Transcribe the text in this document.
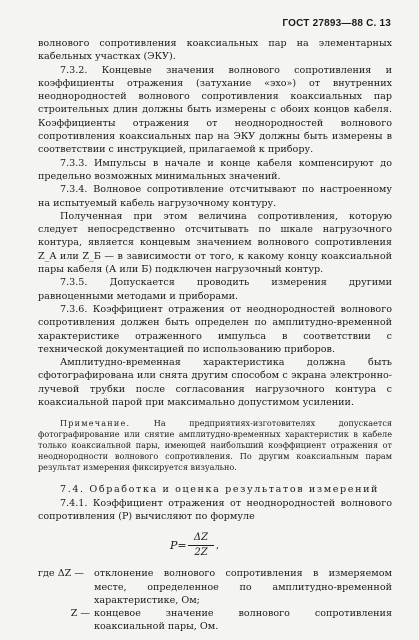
ГОСТ 27893—88 С. 13

волнового сопротивления коаксиальных пар на элементарных кабельных участках (ЭКУ).

7.3.2. Концевые значения волнового сопротивления и коэффициенты отражения (затухание «эхо») от внутренних неоднородностей волнового сопротивления коаксиальных пар строительных длин должны быть измерены с обоих концов кабеля. Коэффициенты отражения от неоднородностей волнового сопротивления коаксиальных пар на ЭКУ должны быть измерены в соответствии с инструкцией, прилагаемой к прибору.

7.3.3. Импульсы в начале и конце кабеля компенсируют до предельно возможных минимальных значений.

7.3.4. Волновое сопротивление отсчитывают по настроенному на испытуемый кабель нагрузочному контуру.

Полученная при этом величина сопротивления, которую следует непосредственно отсчитывать по шкале нагрузочного контура, является концевым значением волнового сопротивления Z_A или Z_Б — в зависимости от того, к какому концу коаксиальной пары кабеля (А или Б) подключен нагрузочный контур.

7.3.5. Допускается проводить измерения другими равноценными методами и приборами.

7.3.6. Коэффициент отражения от неоднородностей волнового сопротивления должен быть определен по амплитудно-временной характеристике отраженного импульса в соответствии с технической документацией по использованию приборов.

Амплитудно-временная характеристика должна быть сфотографирована или снята другим способом с экрана электронно-лучевой трубки после согласования нагрузочного контура с коаксиальной парой при максимально допустимом усилении.

Примечание.	На предприятиях-изготовителях допускается фотографирование или снятие амплитудно-временных характеристик в кабеле только коаксиальной пары, имеющей наибольший коэффициент отражения от неоднородности волнового сопротивления. По другим коаксиальным парам результат измерения фиксируется визуально.

7.4. Обработка и оценка результатов измерений

7.4.1. Коэффициент отражения от неоднородностей волнового сопротивления (P) вычисляют по формуле

P=
ΔZ
2Z
,
где ΔZ —	отклонение волнового сопротивления в измеряемом месте, определенное по амплитудно-временной характеристике, Ом;
Z — концевое значение волнового сопротивления коаксиальной пары, Ом.
